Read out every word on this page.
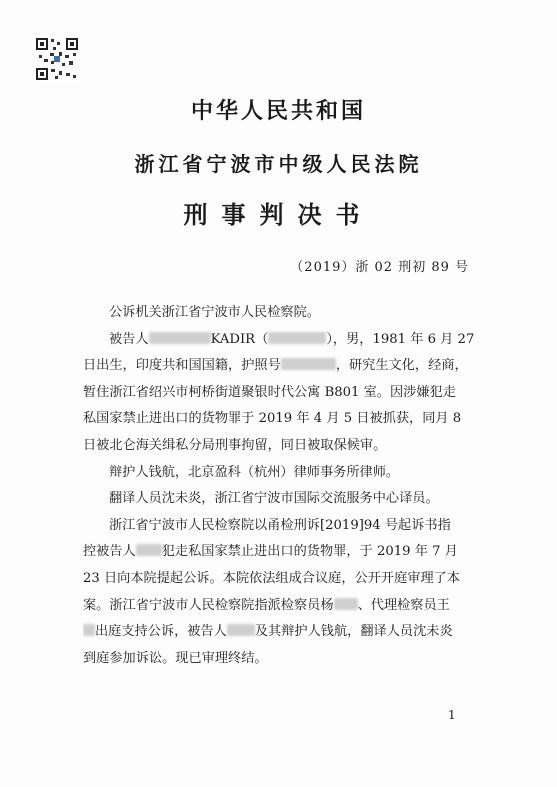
中华人民共和国
浙江省宁波市中级人民法院
刑事判决书
（2019）浙 02 刑初 89 号
公诉机关浙江省宁波市人民检察院。
被告人	KADIR（	），男，1981 年 6 月 27
日出生，印度共和国国籍，护照号	，研究生文化，经商，
暂住浙江省绍兴市柯桥街道聚银时代公寓 B801 室。因涉嫌犯走
私国家禁止进出口的货物罪于 2019 年 4 月 5 日被抓获，同月 8
日被北仑海关缉私分局刑事拘留，同日被取保候审。
辩护人钱航，北京盈科（杭州）律师事务所律师。
翻译人员沈未炎，浙江省宁波市国际交流服务中心译员。
浙江省宁波市人民检察院以甬检刑诉[2019]94 号起诉书指
控被告人 犯走私国家禁止进出口的货物罪，于 2019 年 7 月
23 日向本院提起公诉。本院依法组成合议庭，公开开庭审理了本
案。浙江省宁波市人民检察院指派检察员杨 、代理检察员王
出庭支持公诉，被告人 及其辩护人钱航，翻译人员沈未炎
到庭参加诉讼。现已审理终结。
1
